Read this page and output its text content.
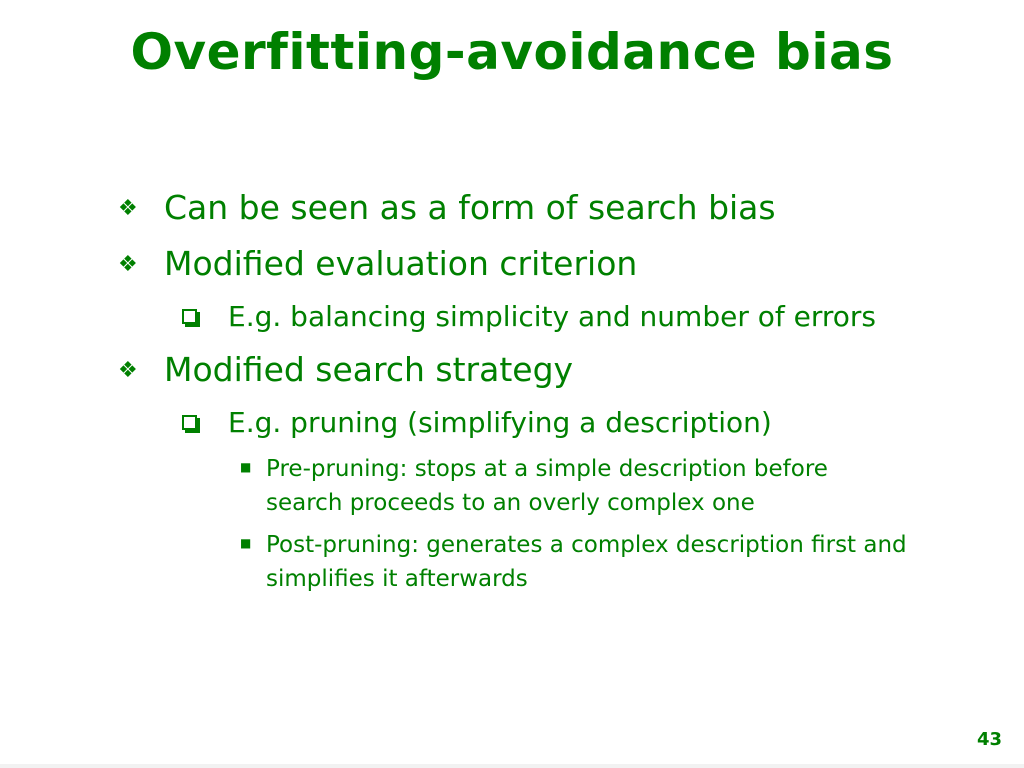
Overfitting-avoidance bias
❖ Can be seen as a form of search bias
❖ Modified evaluation criterion
E.g. balancing simplicity and number of errors
❖ Modified search strategy
E.g. pruning (simplifying a description)
■ Pre-pruning: stops at a simple description before search proceeds to an overly complex one
■ Post-pruning: generates a complex description first and simplifies it afterwards
43
